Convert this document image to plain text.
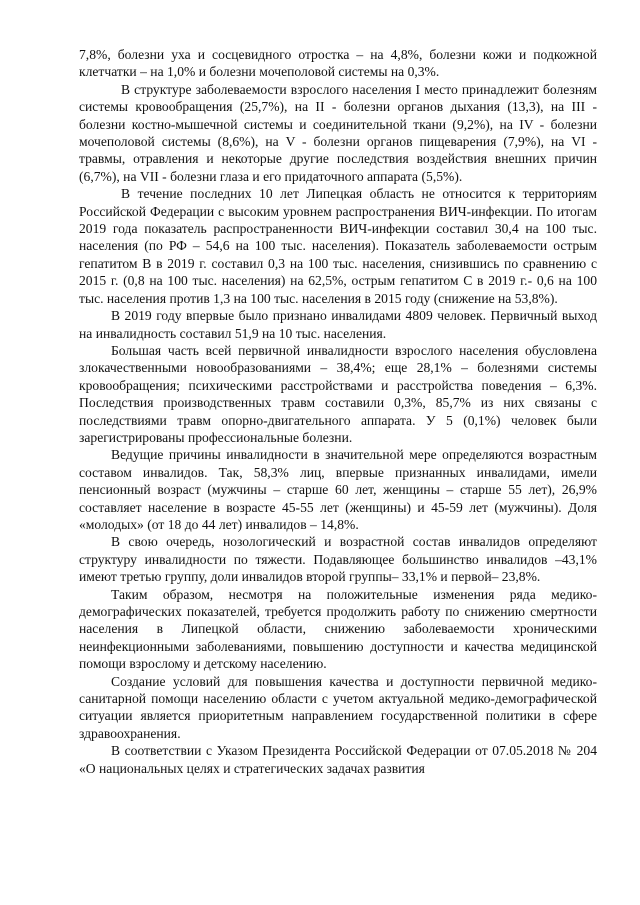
7,8%, болезни уха и сосцевидного отростка – на 4,8%, болезни кожи и подкожной клетчатки – на 1,0% и болезни мочеполовой системы на 0,3%.

В структуре заболеваемости взрослого населения I место принадлежит болезням системы кровообращения (25,7%), на II - болезни органов дыхания (13,3), на III - болезни костно-мышечной системы и соединительной ткани (9,2%), на IV - болезни мочеполовой системы (8,6%), на V - болезни органов пищеварения (7,9%), на VI - травмы, отравления и некоторые другие последствия воздействия внешних причин (6,7%), на VII - болезни глаза и его придаточного аппарата (5,5%).

В течение последних 10 лет Липецкая область не относится к территориям Российской Федерации с высоким уровнем распространения ВИЧ-инфекции. По итогам 2019 года показатель распространенности ВИЧ-инфекции составил 30,4 на 100 тыс. населения (по РФ – 54,6 на 100 тыс. населения). Показатель заболеваемости острым гепатитом В в 2019 г. составил 0,3 на 100 тыс. населения, снизившись по сравнению с 2015 г. (0,8 на 100 тыс. населения) на 62,5%, острым гепатитом С в 2019 г.- 0,6 на 100 тыс. населения против 1,3 на 100 тыс. населения в 2015 году (снижение на 53,8%).

В 2019 году впервые было признано инвалидами 4809 человек. Первичный выход на инвалидность составил 51,9 на 10 тыс. населения.

Большая часть всей первичной инвалидности взрослого населения обусловлена злокачественными новообразованиями – 38,4%; еще 28,1% – болезнями системы кровообращения; психическими расстройствами и расстройства поведения – 6,3%. Последствия производственных травм составили 0,3%, 85,7% из них связаны с последствиями травм опорно-двигательного аппарата. У 5 (0,1%) человек были зарегистрированы профессиональные болезни.

Ведущие причины инвалидности в значительной мере определяются возрастным составом инвалидов. Так, 58,3% лиц, впервые признанных инвалидами, имели пенсионный возраст (мужчины – старше 60 лет, женщины – старше 55 лет), 26,9% составляет население в возрасте 45-55 лет (женщины) и 45-59 лет (мужчины). Доля «молодых» (от 18 до 44 лет) инвалидов – 14,8%.

В свою очередь, нозологический и возрастной состав инвалидов определяют структуру инвалидности по тяжести. Подавляющее большинство инвалидов –43,1% имеют третью группу, доли инвалидов второй группы– 33,1% и первой– 23,8%.

Таким образом, несмотря на положительные изменения ряда медико-демографических показателей, требуется продолжить работу по снижению смертности населения в Липецкой области, снижению заболеваемости хроническими неинфекционными заболеваниями, повышению доступности и качества медицинской помощи взрослому и детскому населению.

Создание условий для повышения качества и доступности первичной медико-санитарной помощи населению области с учетом актуальной медико-демографической ситуации является приоритетным направлением государственной политики в сфере здравоохранения.

В соответствии с Указом Президента Российской Федерации от 07.05.2018 № 204 «О национальных целях и стратегических задачах развития
